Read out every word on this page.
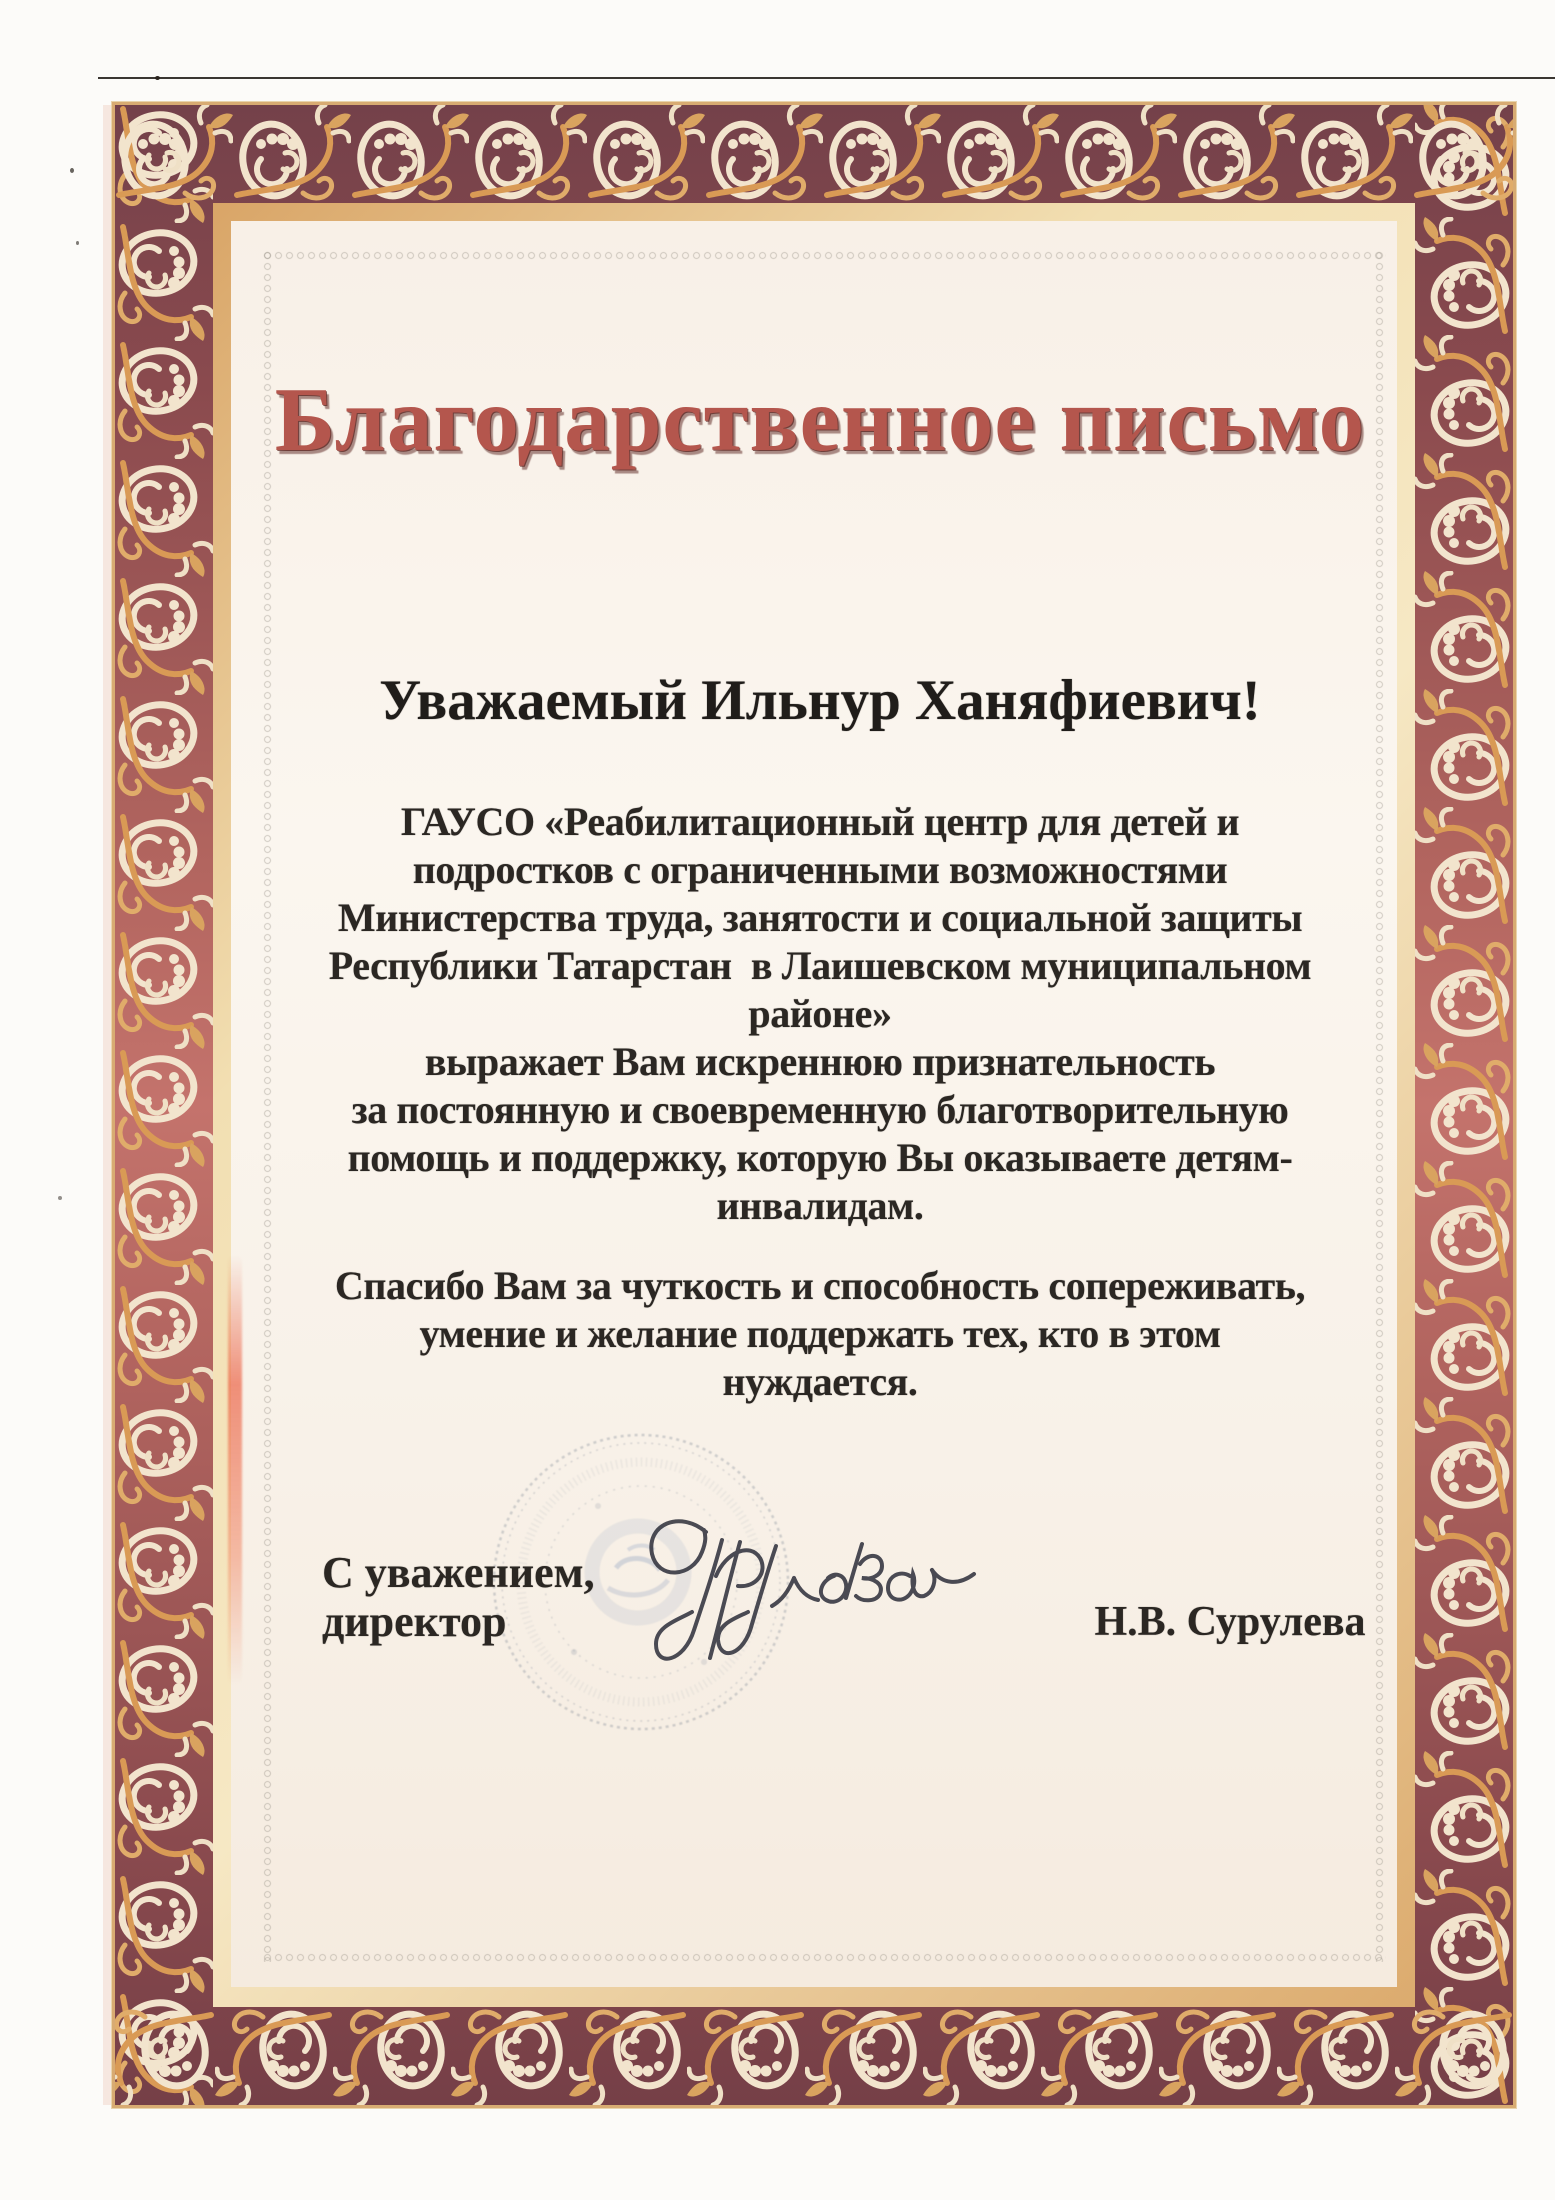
Благодарственное письмо
Уважаемый Ильнур Ханяфиевич!
ГАУСО «Реабилитационный центр для детей и
подростков с ограниченными возможностями
Министерства труда, занятости и социальной защиты
Республики Татарстан  в Лаишевском муниципальном
районе»
выражает Вам искреннюю признательность
за постоянную и своевременную благотворительную
помощь и поддержку, которую Вы оказываете детям-
инвалидам.
Спасибо Вам за чуткость и способность сопереживать,
умение и желание поддержать тех, кто в этом
нуждается.
С уважением,
директор	Н.В. Сурулева
